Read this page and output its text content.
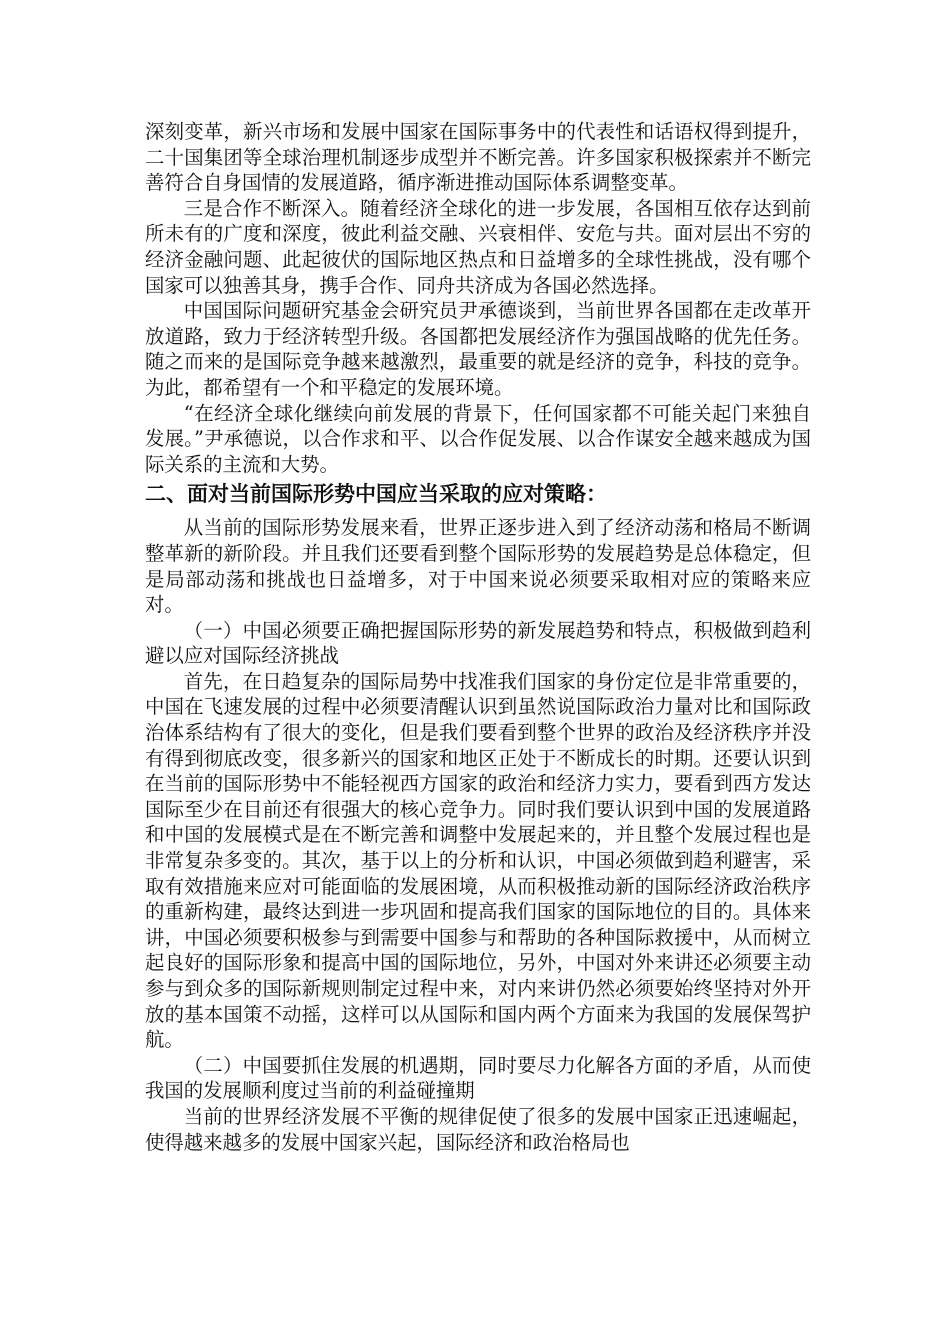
深刻变革，新兴市场和发展中国家在国际事务中的代表性和话语权得到提升，二十国集团等全球治理机制逐步成型并不断完善。许多国家积极探索并不断完善符合自身国情的发展道路，循序渐进推动国际体系调整变革。

三是合作不断深入。随着经济全球化的进一步发展，各国相互依存达到前所未有的广度和深度，彼此利益交融、兴衰相伴、安危与共。面对层出不穷的经济金融问题、此起彼伏的国际地区热点和日益增多的全球性挑战，没有哪个国家可以独善其身，携手合作、同舟共济成为各国必然选择。

中国国际问题研究基金会研究员尹承德谈到，当前世界各国都在走改革开放道路，致力于经济转型升级。各国都把发展经济作为强国战略的优先任务。随之而来的是国际竞争越来越激烈，最重要的就是经济的竞争，科技的竞争。为此，都希望有一个和平稳定的发展环境。

“在经济全球化继续向前发展的背景下，任何国家都不可能关起门来独自发展。”尹承德说，以合作求和平、以合作促发展、以合作谋安全越来越成为国际关系的主流和大势。

二、面对当前国际形势中国应当采取的应对策略：

从当前的国际形势发展来看，世界正逐步进入到了经济动荡和格局不断调整革新的新阶段。并且我们还要看到整个国际形势的发展趋势是总体稳定，但是局部动荡和挑战也日益增多，对于中国来说必须要采取相对应的策略来应对。

（一）中国必须要正确把握国际形势的新发展趋势和特点，积极做到趋利避以应对国际经济挑战

首先，在日趋复杂的国际局势中找准我们国家的身份定位是非常重要的，中国在飞速发展的过程中必须要清醒认识到虽然说国际政治力量对比和国际政治体系结构有了很大的变化，但是我们要看到整个世界的政治及经济秩序并没有得到彻底改变，很多新兴的国家和地区正处于不断成长的时期。还要认识到在当前的国际形势中不能轻视西方国家的政治和经济力实力，要看到西方发达国际至少在目前还有很强大的核心竞争力。同时我们要认识到中国的发展道路和中国的发展模式是在不断完善和调整中发展起来的，并且整个发展过程也是非常复杂多变的。其次，基于以上的分析和认识，中国必须做到趋利避害，采取有效措施来应对可能面临的发展困境，从而积极推动新的国际经济政治秩序的重新构建，最终达到进一步巩固和提高我们国家的国际地位的目的。具体来讲，中国必须要积极参与到需要中国参与和帮助的各种国际救援中，从而树立起良好的国际形象和提高中国的国际地位，另外，中国对外来讲还必须要主动参与到众多的国际新规则制定过程中来，对内来讲仍然必须要始终坚持对外开放的基本国策不动摇，这样可以从国际和国内两个方面来为我国的发展保驾护航。

（二）中国要抓住发展的机遇期，同时要尽力化解各方面的矛盾，从而使我国的发展顺利度过当前的利益碰撞期

当前的世界经济发展不平衡的规律促使了很多的发展中国家正迅速崛起，使得越来越多的发展中国家兴起，国际经济和政治格局也
